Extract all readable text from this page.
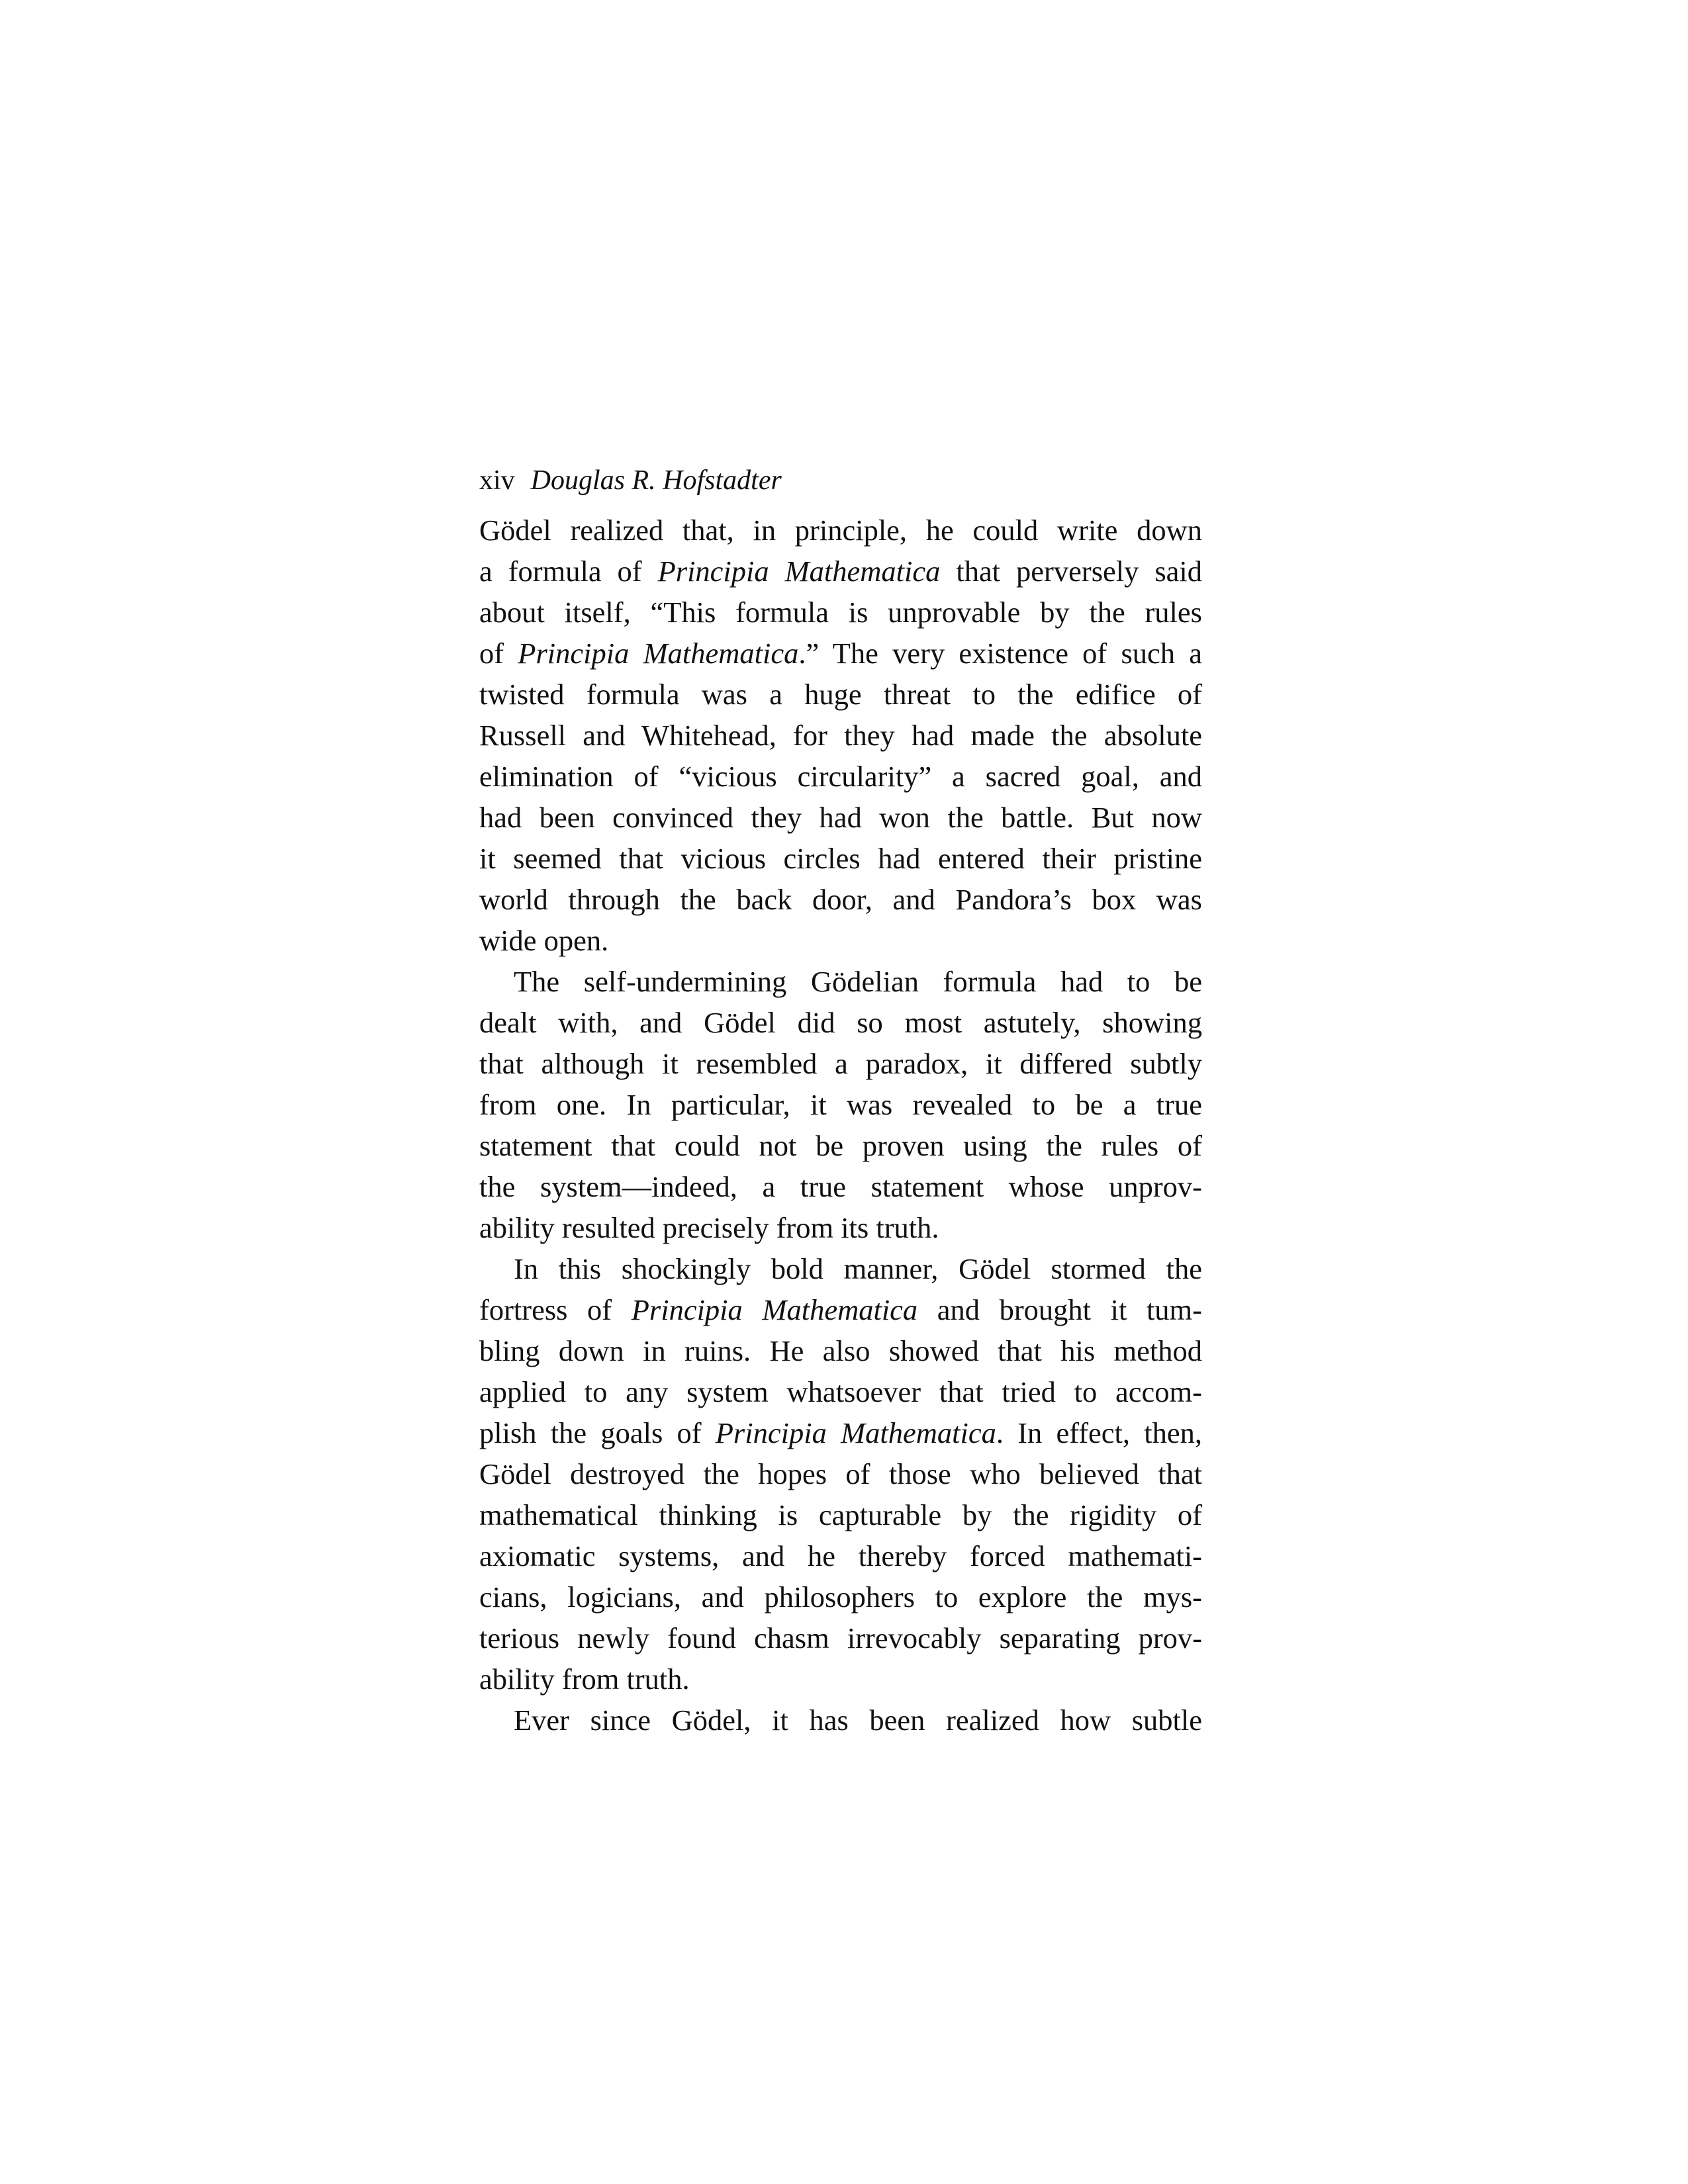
xiv Douglas R. Hofstadter
Gödel realized that, in principle, he could write down
a formula of Principia Mathematica that perversely said
about itself, “This formula is unprovable by the rules
of Principia Mathematica.” The very existence of such a
twisted formula was a huge threat to the edifice of
Russell and Whitehead, for they had made the absolute
elimination of “vicious circularity” a sacred goal, and
had been convinced they had won the battle. But now
it seemed that vicious circles had entered their pristine
world through the back door, and Pandora’s box was
wide open.
The self-undermining Gödelian formula had to be
dealt with, and Gödel did so most astutely, showing
that although it resembled a paradox, it differed subtly
from one. In particular, it was revealed to be a true
statement that could not be proven using the rules of
the system—indeed, a true statement whose unprov-
ability resulted precisely from its truth.
In this shockingly bold manner, Gödel stormed the
fortress of Principia Mathematica and brought it tum-
bling down in ruins. He also showed that his method
applied to any system whatsoever that tried to accom-
plish the goals of Principia Mathematica. In effect, then,
Gödel destroyed the hopes of those who believed that
mathematical thinking is capturable by the rigidity of
axiomatic systems, and he thereby forced mathemati-
cians, logicians, and philosophers to explore the mys-
terious newly found chasm irrevocably separating prov-
ability from truth.
Ever since Gödel, it has been realized how subtle
